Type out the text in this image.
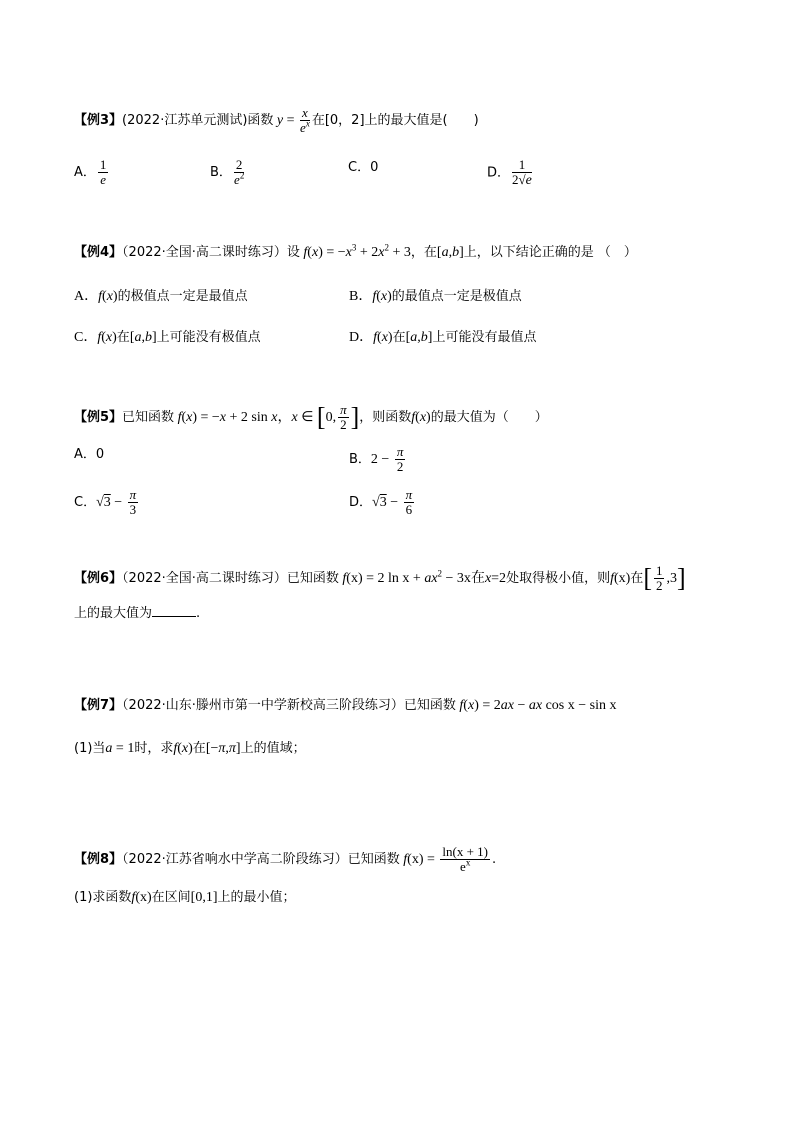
【例3】(2022·江苏单元测试)函数 $y = \frac{x}{e^x}$ 在[0，2]上的最大值是(　　)
A． $\frac{1}{e}$	B． $\frac{2}{e^2}$	C．0	D． $\frac{1}{2√e}$
【例4】（2022·全国·高二课时练习）设 $f(x) = -x^3 + 2x^2 + 3$，在[a,b]上，以下结论正确的是 （　）
A．f(x)的极值点一定是最值点	B．f(x)的最值点一定是极值点
C．f(x)在[a,b]上可能没有极值点	D．f(x)在[a,b]上可能没有最值点
【例5】已知函数 f(x) = −x + 2 sin x，x ∈ [0, $\frac{\pi}{2}$ ]，则函数f(x)的最大值为（　　）
A．0	B．$2 - \frac{\pi}{2}$
C．$√3 - \frac{\pi}{3}$	D．$√3 - \frac{\pi}{6}$
【例6】（2022·全国·高二课时练习）已知函数 f(x) = 2 $\ln x + ax^2 - 3x$在x=2处取得极小值，则f(x)在[ $\frac{1}{2} ,3$]
上的最大值为	.
【例7】（2022·山东·滕州市第一中学新校高三阶段练习）已知函数 f(x) = 2ax − ax cos x − sin x
(1)当a = 1时，求f(x)在[−π,π]上的值域；
【例8】（2022·江苏省响水中学高二阶段练习）已知函数 $f(x) = \frac{\ln(x + 1)}{e^x}$ .
(1)求函数f(x)在区间[0,1]上的最小值；
